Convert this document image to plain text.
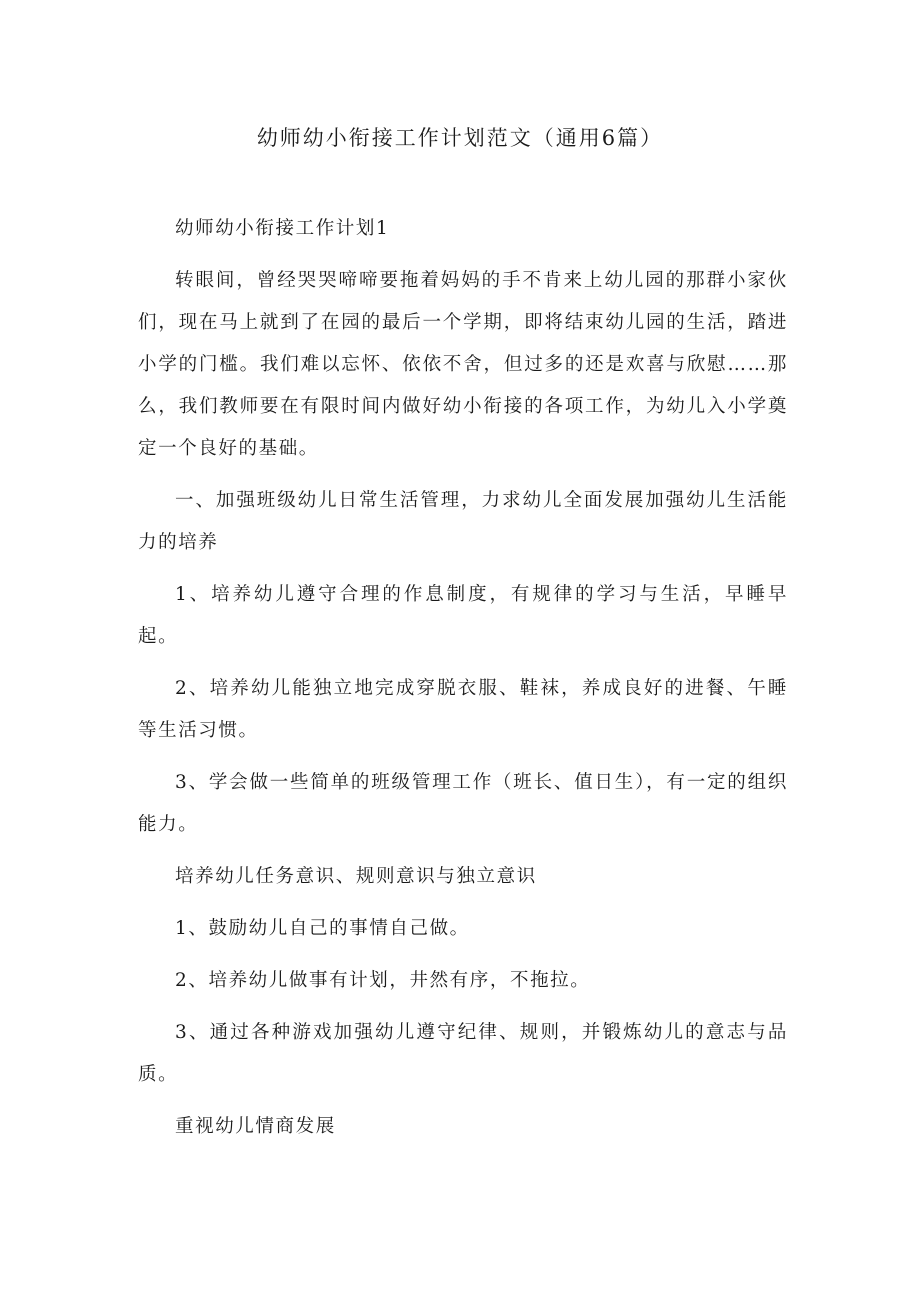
幼师幼小衔接工作计划范文（通用6篇）

幼师幼小衔接工作计划1

转眼间，曾经哭哭啼啼要拖着妈妈的手不肯来上幼儿园的那群小家伙们，现在马上就到了在园的最后一个学期，即将结束幼儿园的生活，踏进小学的门槛。我们难以忘怀、依依不舍，但过多的还是欢喜与欣慰……那么，我们教师要在有限时间内做好幼小衔接的各项工作，为幼儿入小学奠定一个良好的基础。

一、加强班级幼儿日常生活管理，力求幼儿全面发展加强幼儿生活能力的培养

1、培养幼儿遵守合理的作息制度，有规律的学习与生活，早睡早起。

2、培养幼儿能独立地完成穿脱衣服、鞋袜，养成良好的进餐、午睡等生活习惯。

3、学会做一些简单的班级管理工作（班长、值日生），有一定的组织能力。

培养幼儿任务意识、规则意识与独立意识

1、鼓励幼儿自己的事情自己做。

2、培养幼儿做事有计划，井然有序，不拖拉。

3、通过各种游戏加强幼儿遵守纪律、规则，并锻炼幼儿的意志与品质。

重视幼儿情商发展
